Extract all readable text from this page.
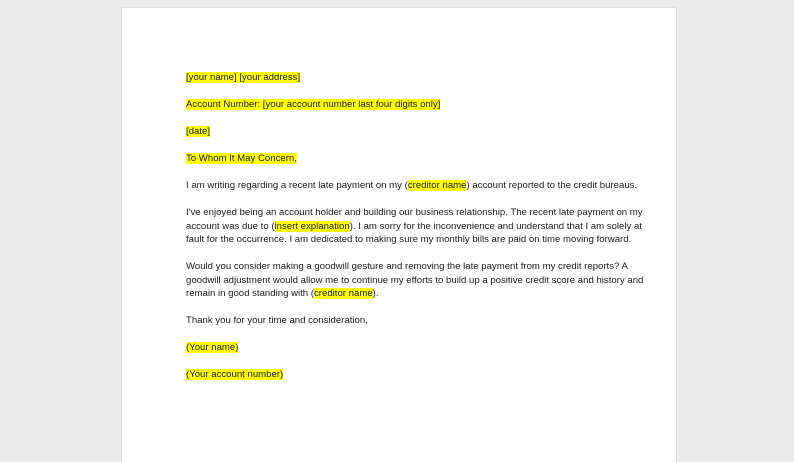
[your name] [your address]

Account Number: [your account number last four digits only]

[date]

To Whom It May Concern,

I am writing regarding a recent late payment on my (creditor name) account reported to the credit bureaus.

I've enjoyed being an account holder and building our business relationship. The recent late payment on my account was due to (insert explanation). I am sorry for the inconvenience and understand that I am solely at fault for the occurrence. I am dedicated to making sure my monthly bills are paid on time moving forward.

Would you consider making a goodwill gesture and removing the late payment from my credit reports? A goodwill adjustment would allow me to continue my efforts to build up a positive credit score and history and remain in good standing with (creditor name).

Thank you for your time and consideration,

(Your name)

(Your account number)
